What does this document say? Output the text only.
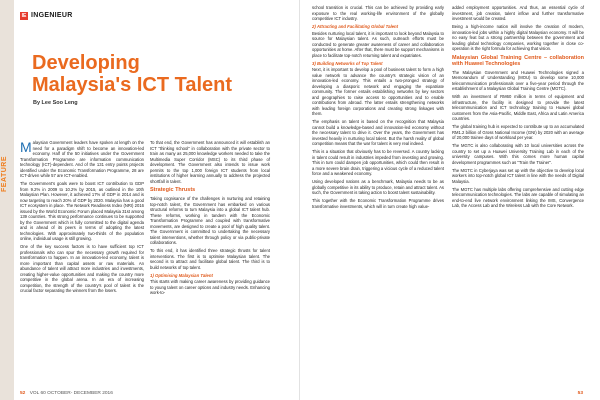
FEATURE
IE INGENIEUR
Developing Malaysia's ICT Talent
By Lee Soo Leng

Malaysian Government leaders have spoken at length on the need for a paradigm shift to become an innovation-led economy. Half of the 50 initiatives under the Government Transformation Programme are information communication technology (ICT)-dependent. And of the 131 entry points projects identified under the Economic Transformation Programme, 28 are ICT-driven while 57 are ICT-enabled.

The Government's goals were to boost ICT contribution to GDP from 9.2% in 2009 to 10.2% by 2015, as outlined in the 10th Malaysian Plan. However, it achieved 17% of GDP in 2014 and is now targeting to reach 20% of GDP by 2020. Malaysia has a good ICT ecosystem in place. The Network Readiness Index (NRI) 2016 issued by the World Economic Forum placed Malaysia 31st among 139 countries. This strong performance continues to be supported by the Government which is fully committed to the digital agenda and is ahead of its peers in terms of adopting the latest technologies. With approximately two-thirds of the population online, individual usage is still growing.

One of the key success factors is to have sufficient top ICT professionals who can spur the necessary growth required for transformation to happen. In an innovation-led economy, talent is more important than capital assets or raw materials. An abundance of talent will attract more industries and investments, creating higher-value opportunities and making the country more competitive in the global arena. In an era of increasing competition, the strength of the country's pool of talent is the crucial factor separating the winners from the losers.

To that end, the Government has announced it will establish an ICT "thinking school" in collaboration with the private sector to train as many as 25,000 knowledge workers needed to take the Multimedia Super Corridor (MSC) to its third phase of development. The Government also intends to issue work permits to the top 1,000 foreign ICT students from local institutions of higher learning annually to address the projected shortfall in talent.

Strategic Thrusts

Taking cognisance of the challenges in nurturing and retaining top-notch talent, the Government has embarked on various structural reforms to turn Malaysia into a global ICT talent hub. These reforms, working in tandem with the Economic Transformation Programme and coupled with transformative movements, are designed to create a pool of high quality talent. The Government is committed to undertaking the necessary talent interventions, whether through policy or via public-private collaborations.

To this end, it has identified three strategic thrusts for talent interventions. The first is to optimise Malaysian talent. The second is to attract and facilitate global talent. The third is to build networks of top talent.

1) Optimising Malaysian Talent

This starts with making career awareness by providing guidance to young talent on career options and industry needs. Enhancing work-to-

school transition is crucial. This can be achieved by providing early exposure to the real working-life environment of the globally competitive ICT industry.

2) Attracting and Facilitating Global Talent

Besides nurturing local talent, it is important to look beyond Malaysia to source for Malaysian talent. As such, outreach efforts must be conducted to generate greater awareness of career and collaboration opportunities at home. After that, there must be support mechanisms in place to facilitate top-notch returning talent and expatriates.

3) Building Networks of Top Talent

Next, it is important to develop a pool of business talent to form a high value network to advance the country's strategic vision of an innovation-led economy. This entails a two-pronged strategy of developing a diasporic network and engaging the expatriate community. The former entails establishing networks by key sectors and geographies to raise access to opportunities and to enable contributions from abroad. The latter entails strengthening networks with leading foreign corporations and creating strong linkages with them.

The emphasis on talent is based on the recognition that Malaysia cannot build a knowledge-based and innovation-led economy without the necessary talent to drive it. Over the years, the Government has invested heavily in nurturing local talent. But the harsh reality of global competition means that the war for talent is very real indeed.

This is a situation that obviously has to be reversed. A country lacking in talent could result in industries impeded from investing and growing. This in turn could dampen job opportunities, which could then result in a more severe brain drain, triggering a vicious cycle of a reduced talent force and a weakened economy.

Using developed nations as a benchmark, Malaysia needs to be as globally competitive in its ability to produce, retain and attract talent. As such, the Government is taking action to boost talent sustainability.

This together with the Economic Transformation Programme drives transformative investments, which will in turn create high value-

added employment opportunities. And thus, an essential cycle of investment, job creation, talent inflow and further transformative investment would be created.

Being a high-income nation will involve the creation of modern, innovation-led jobs within a highly digital Malaysian economy. It will be no easy feat but a strong partnership between the government and leading global technology companies, working together in close co-operation is the right formula for achieving that vision.

Malaysian Global Training Centre – collaboration with Huawei Technologies

The Malaysian Government and Huawei Technologies signed a Memorandum of Understanding (MOU) to develop some 10,000 telecommunication professionals over a five-year period through the establishment of a Malaysian Global Training Centre (MGTC).

With an investment of RM60 million in terms of equipment and infrastructure, the facility is designed to provide the latest telecommunication and ICT technology training to Huawei global customers from the Asia-Pacific, Middle East, Africa and Latin America countries.

The global training hub is expected to contribute up to an accumulated RM1.2 billion of Gross National Income (GNI) by 2020 with an average of 20,000 trainee days of workload per year.

The MGTC is also collaborating with 10 local universities across the country to set up a Huawei University Training Lab in each of the university campuses. With this comes more human capital development programmes such as "Train the Trainer".

The MGTC in Cyberjaya was set up with the objective to develop local workers into top-notch global ICT talent in line with the needs of Digital Malaysia.

The MGTC has multiple labs offering comprehensive and cutting edge telecommunication technologies. The labs are capable of simulating an end-to-end live network environment linking the IMS, Convergence Lab, the Access Lab and the Wireless Lab with the Core Network.

52 VOL 60 OCTOBER- DECEMBER 2016	53
